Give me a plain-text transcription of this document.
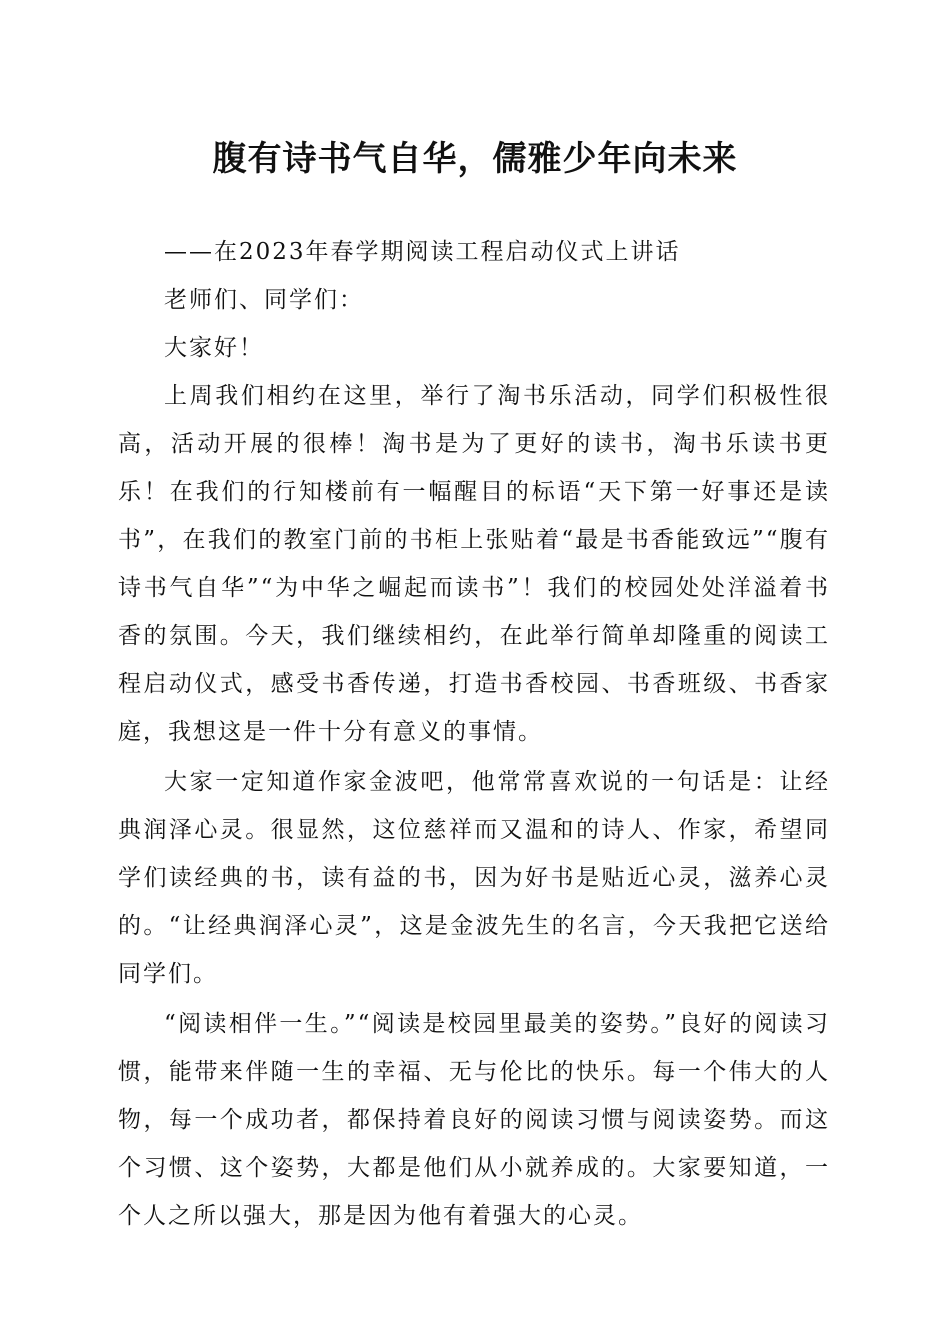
腹有诗书气自华，儒雅少年向未来

——在2023年春学期阅读工程启动仪式上讲话

老师们、同学们：

大家好！

上周我们相约在这里，举行了淘书乐活动，同学们积极性很高，活动开展的很棒！淘书是为了更好的读书，淘书乐读书更乐！在我们的行知楼前有一幅醒目的标语“天下第一好事还是读书”，在我们的教室门前的书柜上张贴着“最是书香能致远”“腹有诗书气自华”“为中华之崛起而读书”！我们的校园处处洋溢着书香的氛围。今天，我们继续相约，在此举行简单却隆重的阅读工程启动仪式，感受书香传递，打造书香校园、书香班级、书香家庭，我想这是一件十分有意义的事情。

大家一定知道作家金波吧，他常常喜欢说的一句话是：让经典润泽心灵。很显然，这位慈祥而又温和的诗人、作家，希望同学们读经典的书，读有益的书，因为好书是贴近心灵，滋养心灵的。“让经典润泽心灵”，这是金波先生的名言，今天我把它送给同学们。

“阅读相伴一生。”“阅读是校园里最美的姿势。”良好的阅读习惯，能带来伴随一生的幸福、无与伦比的快乐。每一个伟大的人物，每一个成功者，都保持着良好的阅读习惯与阅读姿势。而这个习惯、这个姿势，大都是他们从小就养成的。大家要知道，一个人之所以强大，那是因为他有着强大的心灵。
